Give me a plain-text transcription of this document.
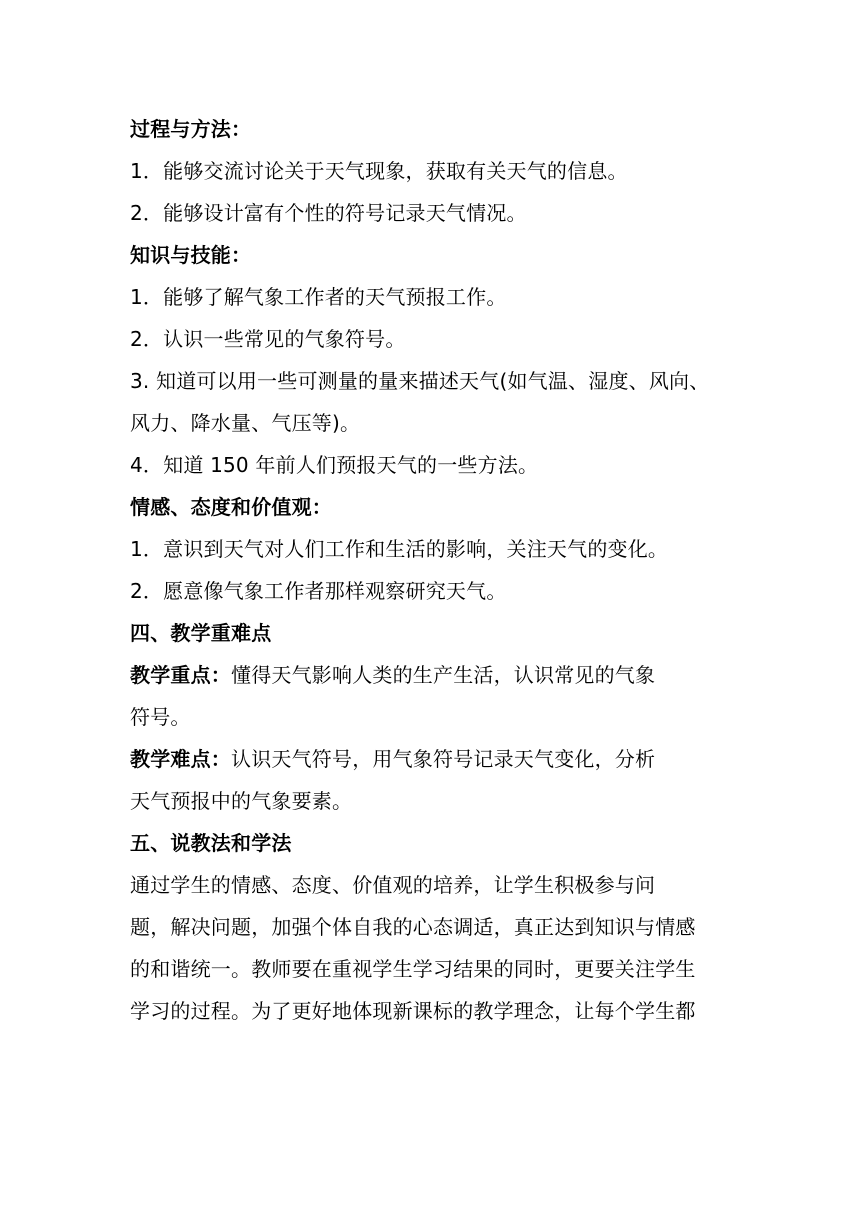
过程与方法：
1．能够交流讨论关于天气现象，获取有关天气的信息。
2．能够设计富有个性的符号记录天气情况。
知识与技能：
1．能够了解气象工作者的天气预报工作。
2．认识一些常见的气象符号。
3. 知道可以用一些可测量的量来描述天气(如气温、湿度、风向、
风力、降水量、气压等)。
4．知道 150 年前人们预报天气的一些方法。
情感、态度和价值观：
1．意识到天气对人们工作和生活的影响，关注天气的变化。
2．愿意像气象工作者那样观察研究天气。
四、教学重难点
教学重点：懂得天气影响人类的生产生活，认识常见的气象
符号。
教学难点：认识天气符号，用气象符号记录天气变化，分析
天气预报中的气象要素。
五、说教法和学法
通过学生的情感、态度、价值观的培养，让学生积极参与问
题，解决问题，加强个体自我的心态调适，真正达到知识与情感
的和谐统一。教师要在重视学生学习结果的同时，更要关注学生
学习的过程。为了更好地体现新课标的教学理念，让每个学生都
